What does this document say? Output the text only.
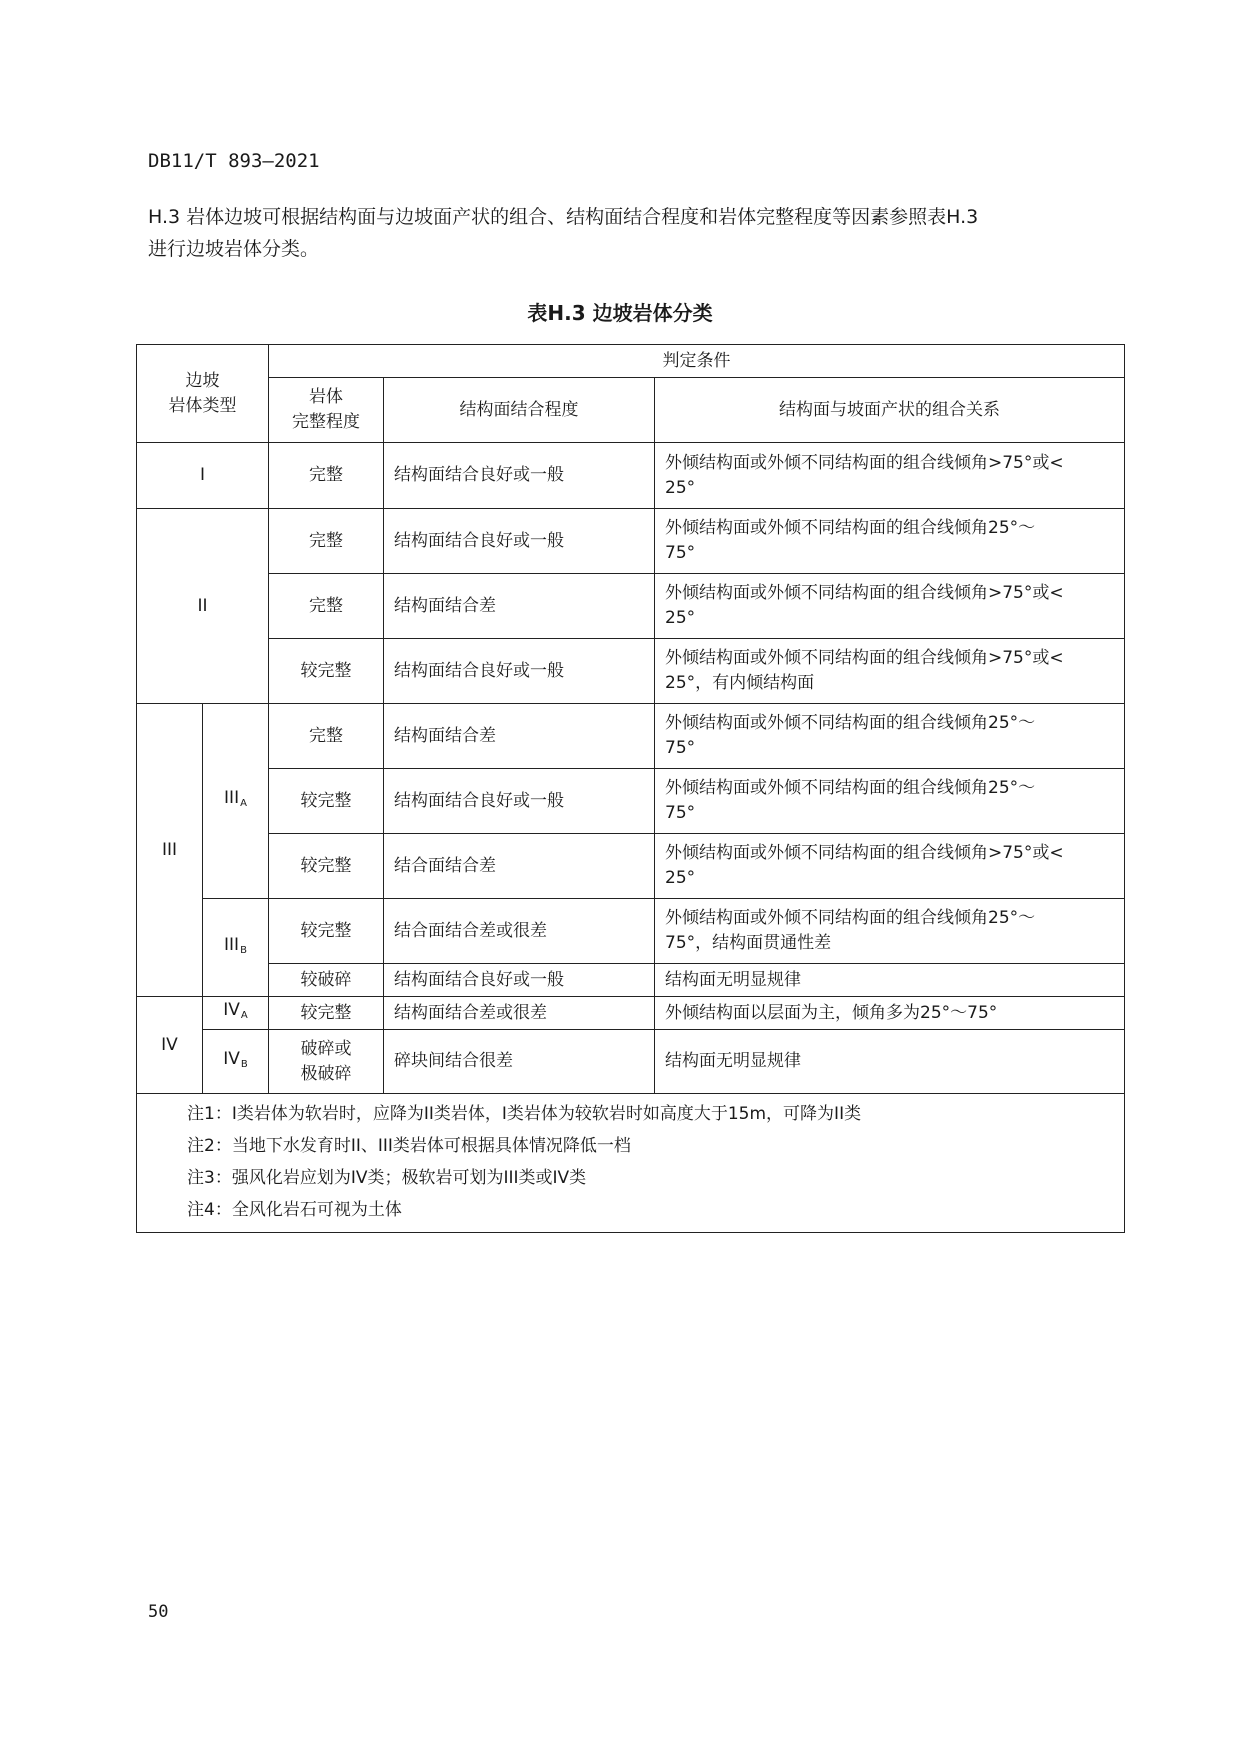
DB11/T 893—2021
H.3 岩体边坡可根据结构面与边坡面产状的组合、结构面结合程度和岩体完整程度等因素参照表H.3
进行边坡岩体分类。
表H.3 边坡岩体分类
边坡
岩体类型		判定条件		

		岩体
完整程度	结构面结合程度	结构面与坡面产状的组合关系
I		完整	结构面结合良好或一般	外倾结构面或外倾不同结构面的组合线倾角>75°或<
25°

II		完整	结构面结合良好或一般	外倾结构面或外倾不同结构面的组合线倾角25°～
75°

		完整	结构面结合差	外倾结构面或外倾不同结构面的组合线倾角>75°或<
25°

		较完整	结构面结合良好或一般	外倾结构面或外倾不同结构面的组合线倾角>75°或<
25°，有内倾结构面

III	$III_A$	完整	结构面结合差	外倾结构面或外倾不同结构面的组合线倾角25°～
75°

		较完整	结构面结合良好或一般	外倾结构面或外倾不同结构面的组合线倾角25°～
75°

		较完整	结合面结合差	外倾结构面或外倾不同结构面的组合线倾角>75°或<
25°

	$III_B$	较完整	结合面结合差或很差	外倾结构面或外倾不同结构面的组合线倾角25°～
75°，结构面贯通性差

		较破碎	结构面结合良好或一般	结构面无明显规律
IV	$IV_A$	较完整	结构面结合差或很差	外倾结构面以层面为主，倾角多为25°～75°
	$IV_B$	破碎或
极破碎	碎块间结合很差	结构面无明显规律

注1：I类岩体为软岩时，应降为II类岩体，I类岩体为较软岩时如高度大于15m，可降为II类
注2：当地下水发育时II、III类岩体可根据具体情况降低一档
注3：强风化岩应划为IV类；极软岩可划为III类或IV类
注4：全风化岩石可视为土体				
50
